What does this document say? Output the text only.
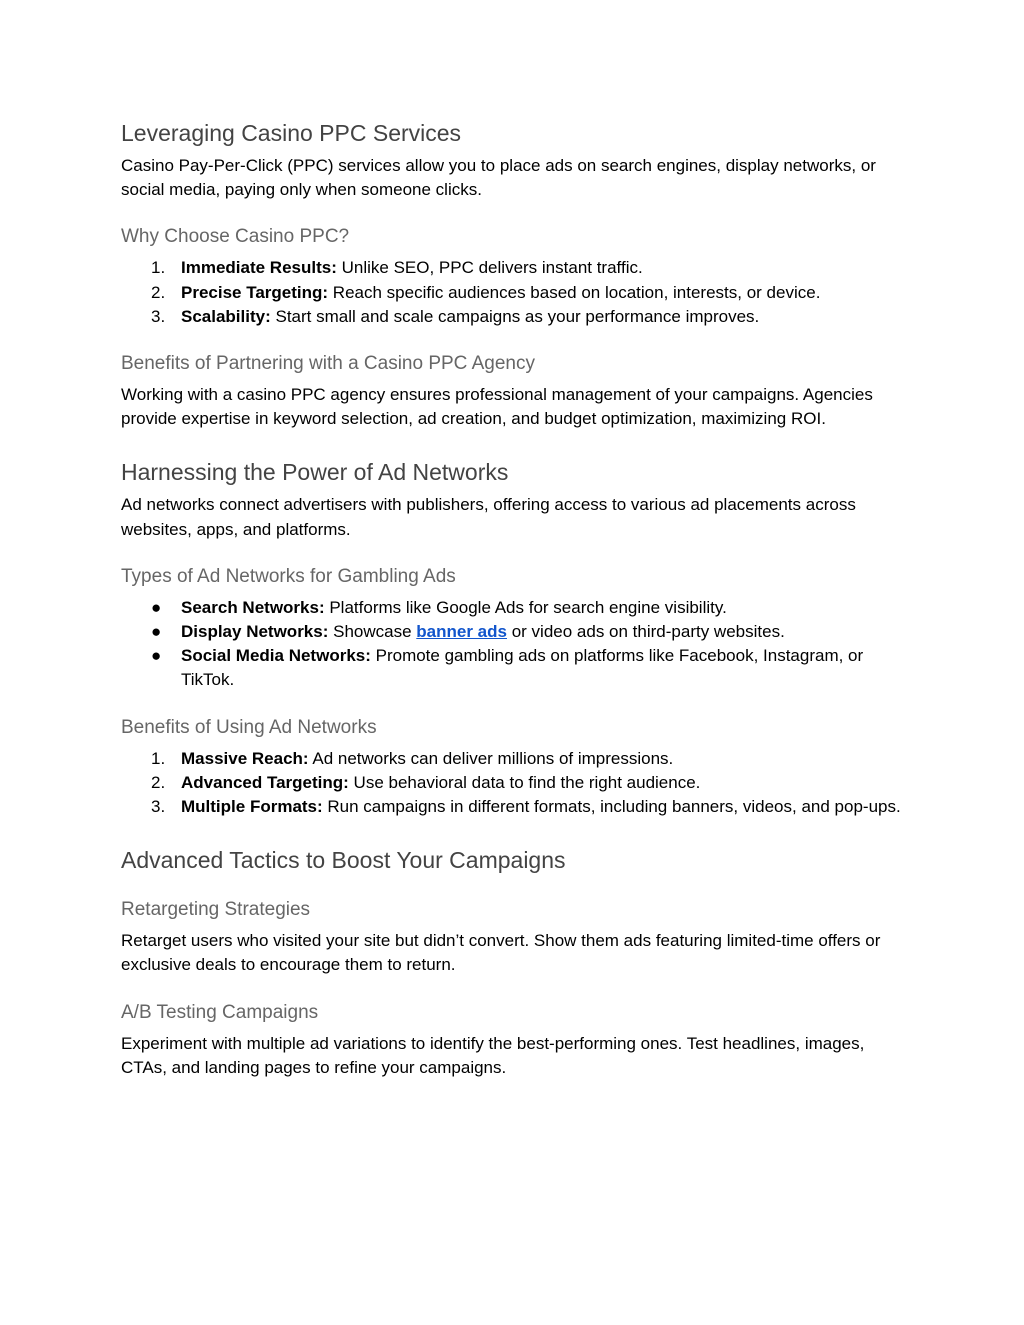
Leveraging Casino PPC Services

Casino Pay-Per-Click (PPC) services allow you to place ads on search engines, display networks, or social media, paying only when someone clicks.

Why Choose Casino PPC?
1. Immediate Results: Unlike SEO, PPC delivers instant traffic.
2. Precise Targeting: Reach specific audiences based on location, interests, or device.
3. Scalability: Start small and scale campaigns as your performance improves.
Benefits of Partnering with a Casino PPC Agency

Working with a casino PPC agency ensures professional management of your campaigns. Agencies provide expertise in keyword selection, ad creation, and budget optimization, maximizing ROI.

Harnessing the Power of Ad Networks

Ad networks connect advertisers with publishers, offering access to various ad placements across websites, apps, and platforms.

Types of Ad Networks for Gambling Ads
● Search Networks: Platforms like Google Ads for search engine visibility.
● Display Networks: Showcase banner ads or video ads on third-party websites.
● Social Media Networks: Promote gambling ads on platforms like Facebook, Instagram, or TikTok.
Benefits of Using Ad Networks
1. Massive Reach: Ad networks can deliver millions of impressions.
2. Advanced Targeting: Use behavioral data to find the right audience.
3. Multiple Formats: Run campaigns in different formats, including banners, videos, and pop-ups.
Advanced Tactics to Boost Your Campaigns
Retargeting Strategies

Retarget users who visited your site but didn’t convert. Show them ads featuring limited-time offers or exclusive deals to encourage them to return.

A/B Testing Campaigns

Experiment with multiple ad variations to identify the best-performing ones. Test headlines, images, CTAs, and landing pages to refine your campaigns.
